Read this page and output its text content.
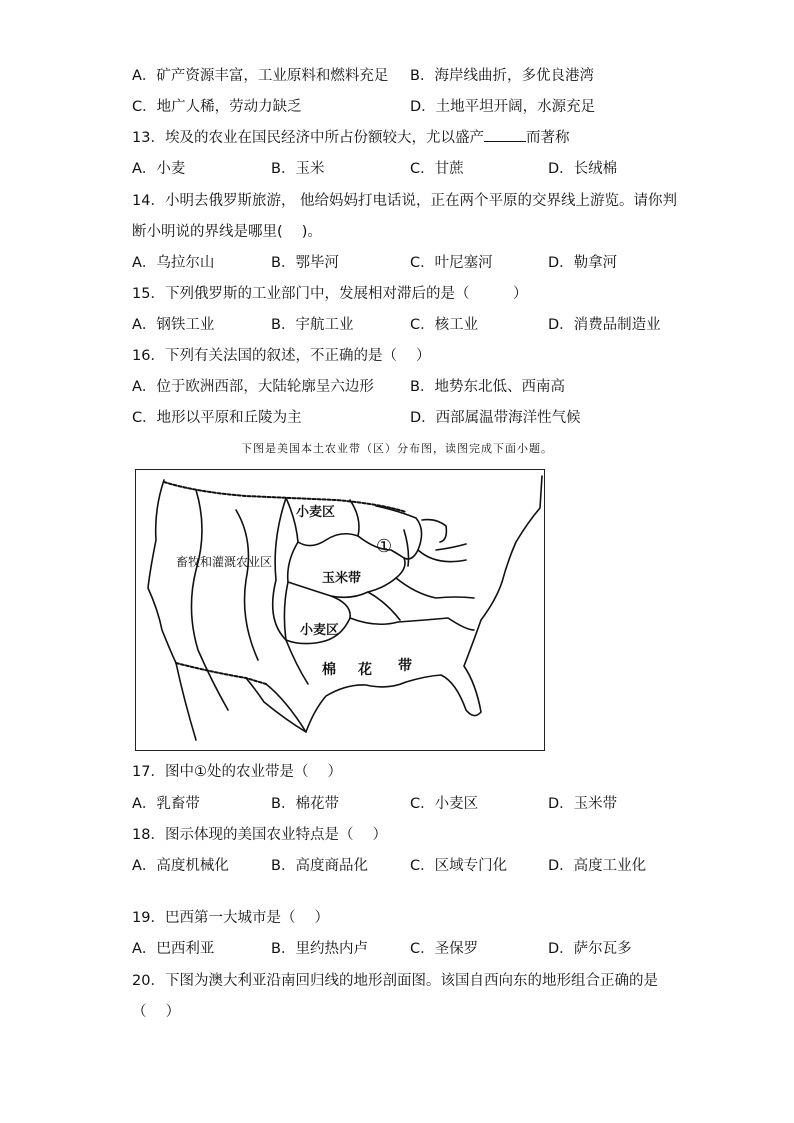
A．矿产资源丰富，工业原料和燃料充足 B．海岸线曲折，多优良港湾
C．地广人稀，劳动力缺乏	D．土地平坦开阔，水源充足
13．埃及的农业在国民经济中所占份额较大，尤以盛产	而著称
A．小麦	B．玉米	C．甘蔗	D．长绒棉
14．小明去俄罗斯旅游， 他给妈妈打电话说，正在两个平原的交界线上游览。请你判
断小明说的界线是哪里(　 )。
A．乌拉尔山	B．鄂毕河	C．叶尼塞河	D．勒拿河
15．下列俄罗斯的工业部门中，发展相对滞后的是（　　　）
A．钢铁工业	B．宇航工业	C．核工业	D．消费品制造业
16．下列有关法国的叙述，不正确的是（　 ）
A．位于欧洲西部，大陆轮廓呈六边形 B．地势东北低、西南高
C．地形以平原和丘陵为主	D．西部属温带海洋性气候
下图是美国本土农业带（区）分布图，读图完成下面小题。
小麦区
畜牧和灌溉农业区
①
玉米带
小麦区
棉 花 带
17．图中①处的农业带是（　 ）
A．乳畜带	B．棉花带	C．小麦区	D．玉米带
18．图示体现的美国农业特点是（　 ）
A．高度机械化	B．高度商品化	C．区域专门化	D．高度工业化
19．巴西第一大城市是（　 ）
A．巴西利亚	B．里约热内卢	C．圣保罗	D．萨尔瓦多
20．下图为澳大利亚沿南回归线的地形剖面图。该国自西向东的地形组合正确的是
（　 ）
